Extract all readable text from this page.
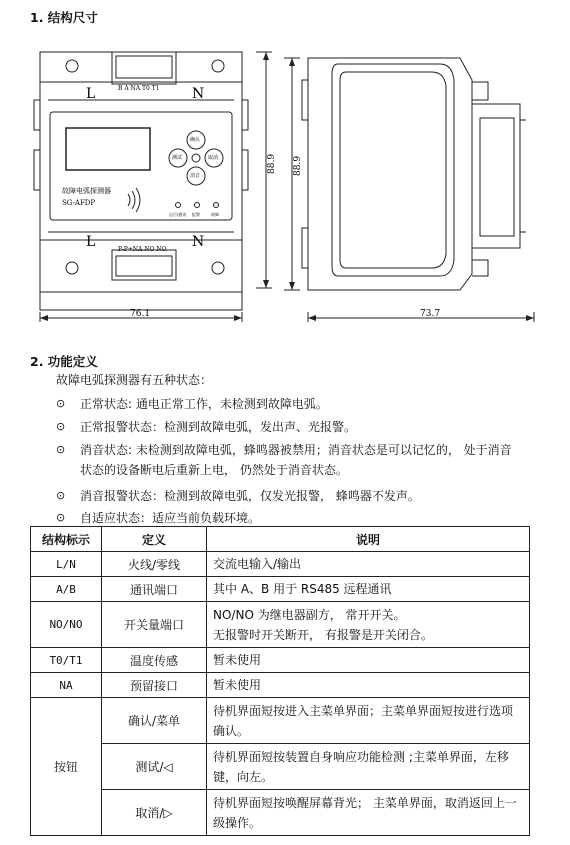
1. 结构尺寸
L	N
B A NA T0 T1
确认
测试	取消
消音
故障电弧探测器
SG-AFDP
运行/通讯 报警	故障
L	N
P-P+NA NO NO
76.1
88.9 88.9
73.7
2. 功能定义
故障电弧探测器有五种状态：
⊙	正常状态: 通电正常工作，未检测到故障电弧。
⊙	正常报警状态：检测到故障电弧，发出声、光报警。
⊙	消音状态: 未检测到故障电弧，蜂鸣器被禁用；消音状态是可以记忆的， 处于消音
状态的设备断电后重新上电， 仍然处于消音状态。
⊙	消音报警状态：检测到故障电弧，仅发光报警， 蜂鸣器不发声。
⊙	自适应状态：适应当前负载环境。
结构标示	定义	说明
L/N	火线/零线	交流电输入/输出
A/B	通讯端口	其中 A、B 用于 RS485 远程通讯
NO/NO	开关量端口	NO/NO 为继电器副方， 常开开关。
无报警时开关断开， 有报警是开关闭合。

T0/T1	温度传感	暂未使用
NA	预留接口	暂未使用
按钮	确认/菜单	待机界面短按进入主菜单界面；主菜单界面短按进行选项
确认。

	测试/◁	待机界面短按装置自身响应功能检测 ;主菜单界面，左移
键，向左。

	取消/▷	待机界面短按唤醒屏幕背光； 主菜单界面，取消返回上一
级操作。
